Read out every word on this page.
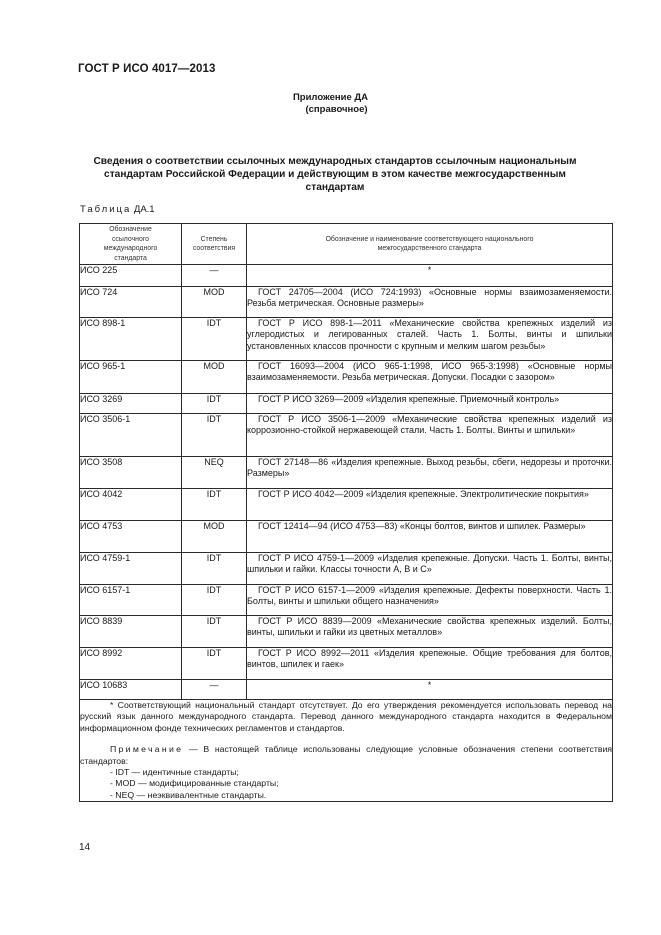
ГОСТ Р ИСО 4017—2013
Приложение ДА
(справочное)
Сведения о соответствии ссылочных международных стандартов ссылочным национальным стандартам Российской Федерации и действующим в этом качестве межгосударственным стандартам
Таблица ДА.1
Обозначение ссылочного международного стандарта	Степень соответствия	Обозначение и наименование соответствующего национального межгосударственного стандарта
ИСО 225	—	*
ИСО 724	MOD	ГОСТ 24705—2004 (ИСО 724:1993) «Основные нормы взаимозаменяемости. Резьба метрическая. Основные размеры»
ИСО 898-1	IDT	ГОСТ Р ИСО 898-1—2011 «Механические свойства крепежных изделий из углеродистых и легированных сталей. Часть 1. Болты, винты и шпильки установленных классов прочности с крупным и мелким шагом резьбы»
ИСО 965-1	MOD	ГОСТ 16093—2004 (ИСО 965-1:1998, ИСО 965-3:1998) «Основные нормы взаимозаменяемости. Резьба метрическая. Допуски. Посадки с зазором»
ИСО 3269	IDT	ГОСТ Р ИСО 3269—2009 «Изделия крепежные. Приемочный контроль»
ИСО 3506-1	IDT	ГОСТ Р ИСО 3506-1—2009 «Механические свойства крепежных изделий из коррозионно-стойкой нержавеющей стали. Часть 1. Болты. Винты и шпильки»
ИСО 3508	NEQ	ГОСТ 27148—86 «Изделия крепежные. Выход резьбы, сбеги, недорезы и проточки. Размеры»
ИСО 4042	IDT	ГОСТ Р ИСО 4042—2009 «Изделия крепежные. Электролитические покрытия»
ИСО 4753	MOD	ГОСТ 12414—94 (ИСО 4753—83) «Концы болтов, винтов и шпилек. Размеры»
ИСО 4759-1	IDT	ГОСТ Р ИСО 4759-1—2009 «Изделия крепежные. Допуски. Часть 1. Болты, винты, шпильки и гайки. Классы точности А, В и С»
ИСО 6157-1	IDT	ГОСТ Р ИСО 6157-1—2009 «Изделия крепежные. Дефекты поверхности. Часть 1. Болты, винты и шпильки общего назначения»
ИСО 8839	IDT	ГОСТ Р ИСО 8839—2009 «Механические свойства крепежных изделий. Болты, винты, шпильки и гайки из цветных металлов»
ИСО 8992	IDT	ГОСТ Р ИСО 8992—2011 «Изделия крепежные. Общие требования для болтов, винтов, шпилек и гаек»
ИСО 10683	—	*

* Соответствующий национальный стандарт отсутствует. До его утверждения рекомендуется использовать перевод на русский язык данного международного стандарта. Перевод данного международного стандарта находится в Федеральном информационном фонде технических регламентов и стандартов.

Примечание — В настоящей таблице использованы следующие условные обозначения степени соответствия стандартов:

- IDT — идентичные стандарты;
- MOD — модифицированные стандарты;
- NEQ — неэквивалентные стандарты.		
14
